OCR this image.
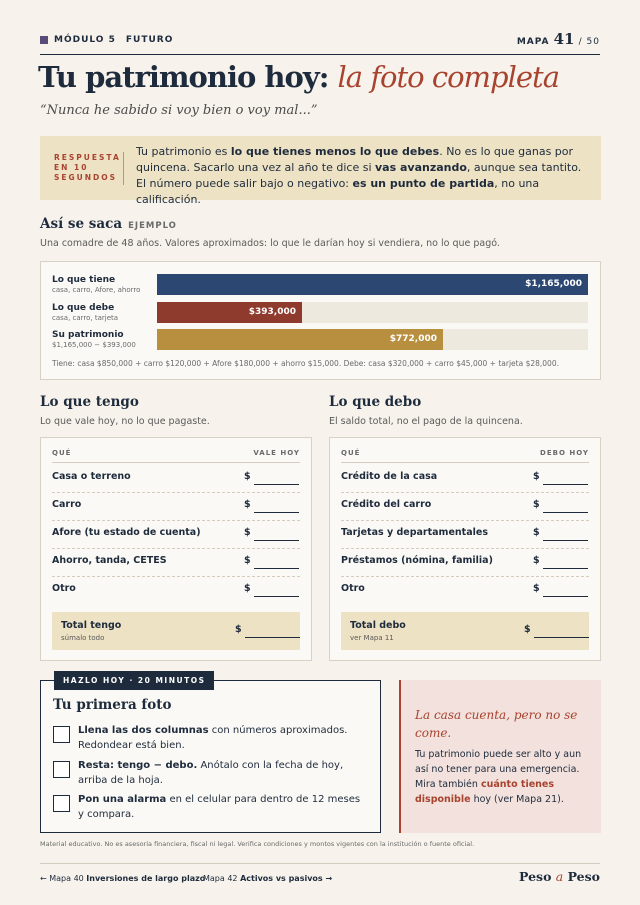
MÓDULO 5 FUTURO	MAPA 41 / 50
Tu patrimonio hoy: la foto completa
“Nunca he sabido si voy bien o voy mal...”
RESPUESTA
EN 10
SEGUNDOS
Tu patrimonio es lo que tienes menos lo que debes. No es lo que ganas por quincena. Sacarlo una vez al año te dice si vas avanzando, aunque sea tantito. El número puede salir bajo o negativo: es un punto de partida, no una calificación.
Así se saca EJEMPLO
Una comadre de 48 años. Valores aproximados: lo que le darían hoy si vendiera, no lo que pagó.
Tiene: casa $850,000 + carro $120,000 + Afore $180,000 + ahorro $15,000. Debe: casa $320,000 + carro $45,000 + tarjeta $28,000.
Lo que tiene
casa, carro, Afore, ahorro
$1,165,000
Lo que debe
casa, carro, tarjeta
$393,000
Su patrimonio
$1,165,000 − $393,000
$772,000
Lo que tengo
Lo que vale hoy, no lo que pagaste.
QUÉ	VALE HOY
Casa o terreno	$
Carro	$
Afore (tu estado de cuenta)	$
Ahorro, tanda, CETES	$
Otro	$
Total tengo
súmalo todo
$
Lo que debo
El saldo total, no el pago de la quincena.
QUÉ	DEBO HOY
Crédito de la casa	$
Crédito del carro	$
Tarjetas y departamentales	$
Préstamos (nómina, familia)	$
Otro	$
Total debo
ver Mapa 11
$
HAZLO HOY · 20 MINUTOS
Tu primera foto
Llena las dos columnas con números aproximados. Redondear está bien.
Resta: tengo − debo. Anótalo con la fecha de hoy, arriba de la hoja.
Pon una alarma en el celular para dentro de 12 meses y compara.
La casa cuenta, pero no se come.
Tu patrimonio puede ser alto y aun así no tener para una emergencia. Mira también cuánto tienes disponible hoy (ver Mapa 21).
Material educativo. No es asesoría financiera, fiscal ni legal. Verifica condiciones y montos vigentes con la institución o fuente oficial.
← Mapa 40 Inversiones de largo plazo
Mapa 42 Activos vs pasivos →	Peso a Peso
